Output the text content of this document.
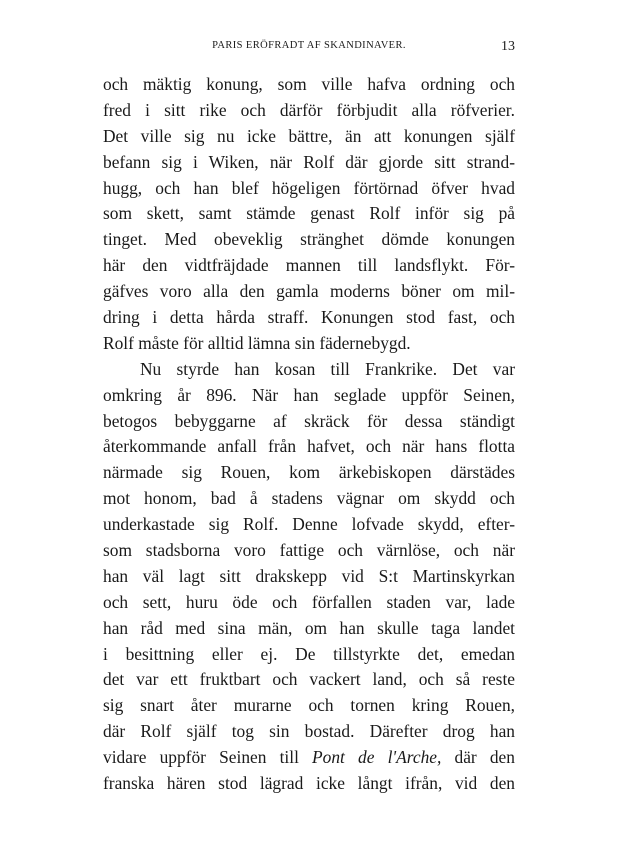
PARIS ERÖFRADT AF SKANDINAVER.	13
och mäktig konung, som ville hafva ordning och
fred i sitt rike och därför förbjudit alla röfverier.
Det ville sig nu icke bättre, än att konungen själf
befann sig i Wiken, när Rolf där gjorde sitt strand-
hugg, och han blef högeligen förtörnad öfver hvad
som skett, samt stämde genast Rolf inför sig på
tinget. Med obeveklig stränghet dömde konungen
här den vidtfräjdade mannen till landsflykt. För-
gäfves voro alla den gamla moderns böner om mil-
dring i detta hårda straff. Konungen stod fast, och
Rolf måste för alltid lämna sin fädernebygd.
Nu styrde han kosan till Frankrike. Det var
omkring år 896. När han seglade uppför Seinen,
betogos bebyggarne af skräck för dessa ständigt
återkommande anfall från hafvet, och när hans flotta
närmade sig Rouen, kom ärkebiskopen därstädes
mot honom, bad å stadens vägnar om skydd och
underkastade sig Rolf. Denne lofvade skydd, efter-
som stadsborna voro fattige och värnlöse, och när
han väl lagt sitt drakskepp vid S:t Martinskyrkan
och sett, huru öde och förfallen staden var, lade
han råd med sina män, om han skulle taga landet
i besittning eller ej. De tillstyrkte det, emedan
det var ett fruktbart och vackert land, och så reste
sig snart åter murarne och tornen kring Rouen,
där Rolf själf tog sin bostad. Därefter drog han
vidare uppför Seinen till Pont de l'Arche, där den
franska hären stod lägrad icke långt ifrån, vid den
